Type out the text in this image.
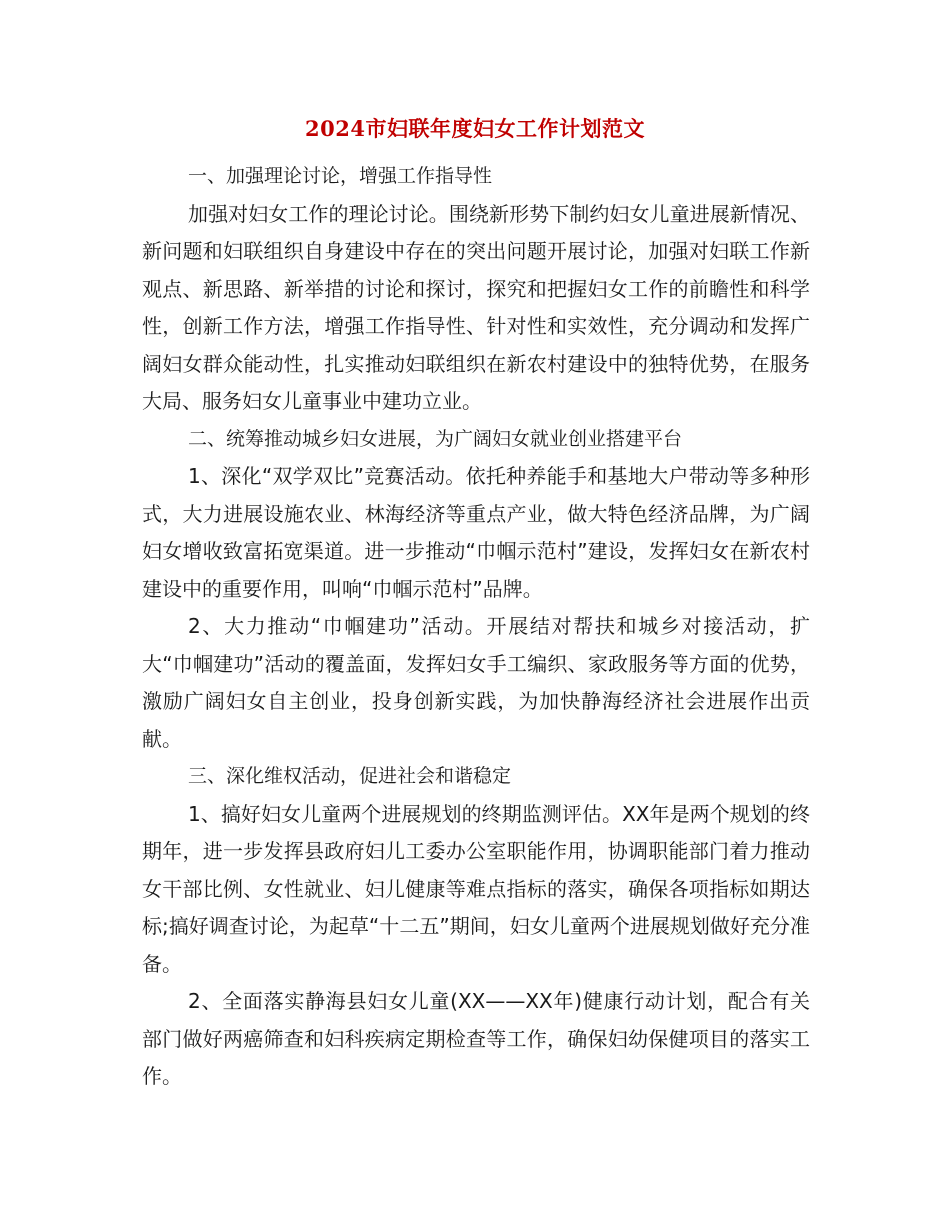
2024市妇联年度妇女工作计划范文

一、加强理论讨论，增强工作指导性

加强对妇女工作的理论讨论。围绕新形势下制约妇女儿童进展新情况、新问题和妇联组织自身建设中存在的突出问题开展讨论，加强对妇联工作新观点、新思路、新举措的讨论和探讨，探究和把握妇女工作的前瞻性和科学性，创新工作方法，增强工作指导性、针对性和实效性，充分调动和发挥广阔妇女群众能动性，扎实推动妇联组织在新农村建设中的独特优势，在服务大局、服务妇女儿童事业中建功立业。

二、统筹推动城乡妇女进展，为广阔妇女就业创业搭建平台

1、深化“双学双比”竞赛活动。依托种养能手和基地大户带动等多种形式，大力进展设施农业、林海经济等重点产业，做大特色经济品牌，为广阔妇女增收致富拓宽渠道。进一步推动“巾帼示范村”建设，发挥妇女在新农村建设中的重要作用，叫响“巾帼示范村”品牌。

2、大力推动“巾帼建功”活动。开展结对帮扶和城乡对接活动，扩大“巾帼建功”活动的覆盖面，发挥妇女手工编织、家政服务等方面的优势，激励广阔妇女自主创业，投身创新实践，为加快静海经济社会进展作出贡献。

三、深化维权活动，促进社会和谐稳定

1、搞好妇女儿童两个进展规划的终期监测评估。XX年是两个规划的终期年，进一步发挥县政府妇儿工委办公室职能作用，协调职能部门着力推动女干部比例、女性就业、妇儿健康等难点指标的落实，确保各项指标如期达标;搞好调查讨论，为起草“十二五”期间，妇女儿童两个进展规划做好充分准备。

2、全面落实静海县妇女儿童(XX——XX年)健康行动计划，配合有关部门做好两癌筛查和妇科疾病定期检查等工作，确保妇幼保健项目的落实工作。
